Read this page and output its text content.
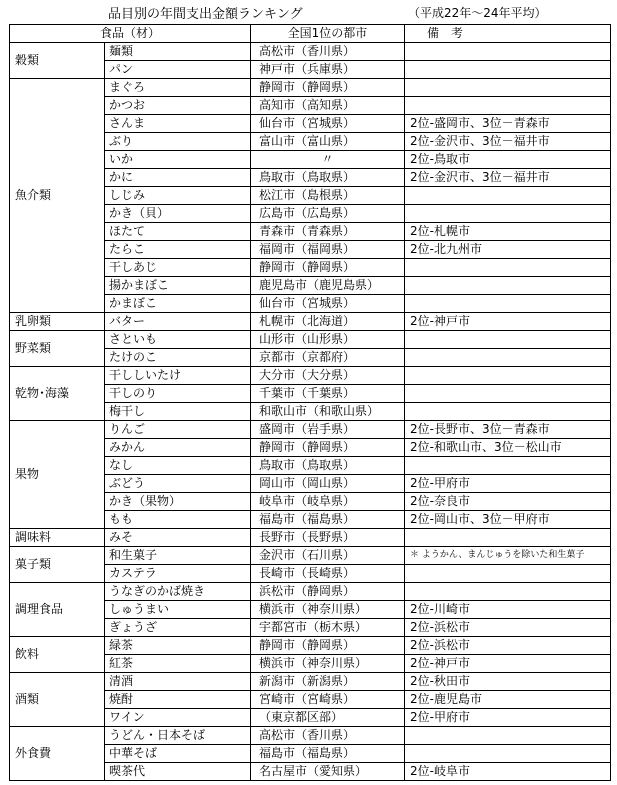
品目別の年間支出金額ランキング	（平成22年～24年平均）
食品（材）		全国1位の都市	備　考
穀類	麺類	高松市（香川県）	
	パン	神戸市（兵庫県）	
魚介類	まぐろ	静岡市（静岡県）	
	かつお	高知市（高知県）	
	さんま	仙台市（宮城県）	2位-盛岡市、3位－青森市
	ぶり	富山市（富山県）	2位-金沢市、3位－福井市
	いか	〃	2位-鳥取市
	かに	鳥取市（鳥取県）	2位-金沢市、3位－福井市
	しじみ	松江市（島根県）	
	かき（貝）	広島市（広島県）	
	ほたて	青森市（青森県）	2位-札幌市
	たらこ	福岡市（福岡県）	2位-北九州市
	干しあじ	静岡市（静岡県）	
	揚かまぼこ	鹿児島市（鹿児島県）	
	かまぼこ	仙台市（宮城県）	
乳卵類	バター	札幌市（北海道）	2位-神戸市
野菜類	さといも	山形市（山形県）	
	たけのこ	京都市（京都府）	
乾物･海藻	干ししいたけ	大分市（大分県）	
	干しのり	千葉市（千葉県）	
	梅干し	和歌山市（和歌山県）	
果物	りんご	盛岡市（岩手県）	2位-長野市、3位－青森市
	みかん	静岡市（静岡県）	2位-和歌山市、3位－松山市
	なし	鳥取市（鳥取県）	
	ぶどう	岡山市（岡山県）	2位-甲府市
	かき（果物）	岐阜市（岐阜県）	2位-奈良市
	もも	福島市（福島県）	2位-岡山市、3位－甲府市
調味料	みそ	長野市（長野県）	
菓子類	和生菓子	金沢市（石川県）	＊ ようかん、まんじゅうを除いた和生菓子
	カステラ	長崎市（長崎県）	
調理食品	うなぎのかば焼き	浜松市（静岡県）	
	しゅうまい	横浜市（神奈川県）	2位-川崎市
	ぎょうざ	宇都宮市（栃木県）	2位-浜松市
飲料	緑茶	静岡市（静岡県）	2位-浜松市
	紅茶	横浜市（神奈川県）	2位-神戸市
酒類	清酒	新潟市（新潟県）	2位-秋田市
	焼酎	宮崎市（宮崎県）	2位-鹿児島市
	ワイン	（東京都区部）	2位-甲府市
外食費	うどん・日本そば	高松市（香川県）	
	中華そば	福島市（福島県）	
	喫茶代	名古屋市（愛知県）	2位-岐阜市
